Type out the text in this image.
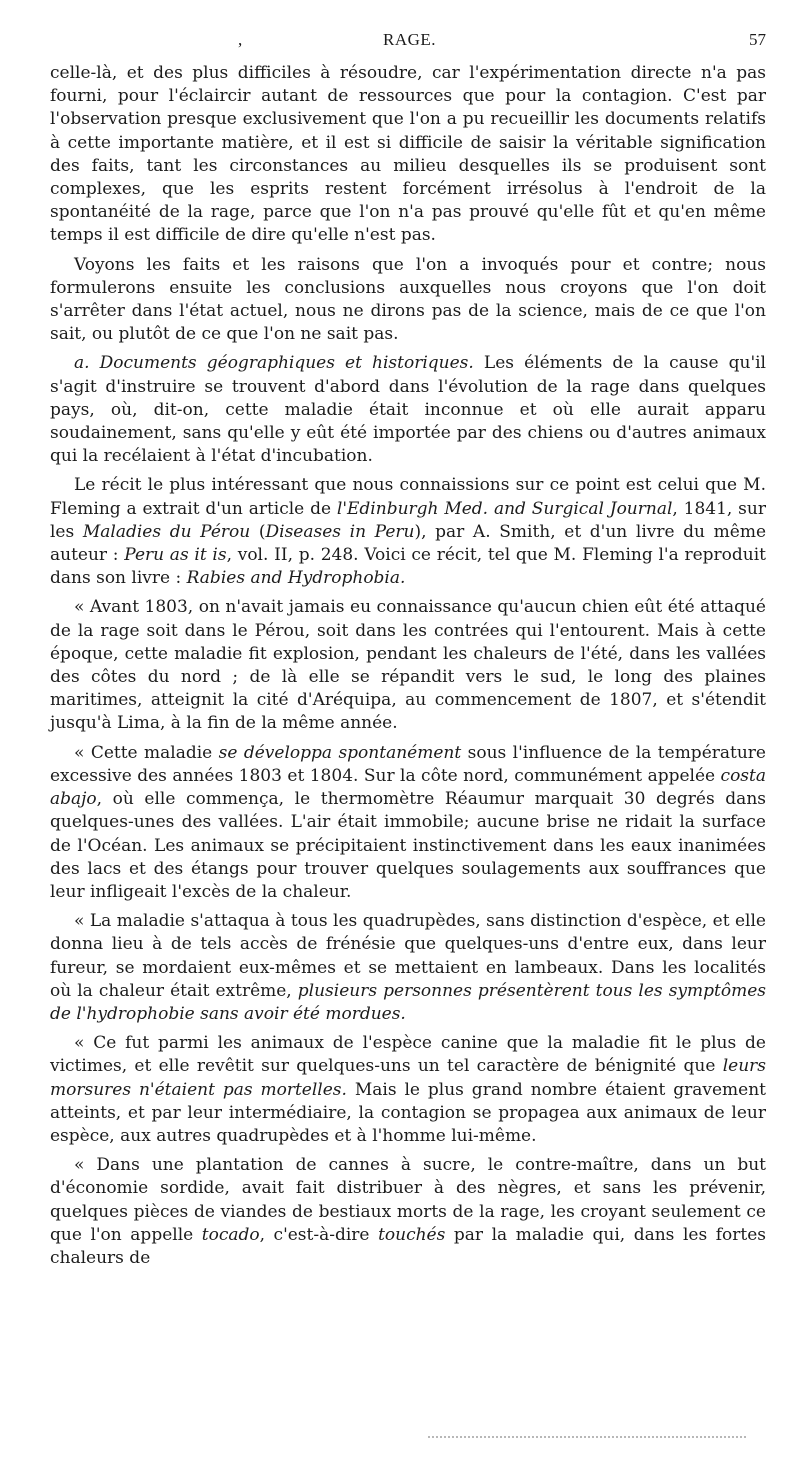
,	RAGE.	57

celle-là, et des plus difficiles à résoudre, car l'expérimentation directe n'a pas fourni, pour l'éclaircir autant de ressources que pour la contagion. C'est par l'observation presque exclusivement que l'on a pu recueillir les documents relatifs à cette importante matière, et il est si difficile de saisir la véritable signification des faits, tant les circonstances au milieu desquelles ils se produisent sont complexes, que les esprits restent forcément irrésolus à l'endroit de la spontanéité de la rage, parce que l'on n'a pas prouvé qu'elle fût et qu'en même temps il est difficile de dire qu'elle n'est pas.

Voyons les faits et les raisons que l'on a invoqués pour et contre; nous formulerons ensuite les conclusions auxquelles nous croyons que l'on doit s'arrêter dans l'état actuel, nous ne dirons pas de la science, mais de ce que l'on sait, ou plutôt de ce que l'on ne sait pas.

a. Documents géographiques et historiques. Les éléments de la cause qu'il s'agit d'instruire se trouvent d'abord dans l'évolution de la rage dans quelques pays, où, dit-on, cette maladie était inconnue et où elle aurait apparu soudainement, sans qu'elle y eût été importée par des chiens ou d'autres animaux qui la recélaient à l'état d'incubation.

Le récit le plus intéressant que nous connaissions sur ce point est celui que M. Fleming a extrait d'un article de l'Edinburgh Med. and Surgical Journal, 1841, sur les Maladies du Pérou (Diseases in Peru), par A. Smith, et d'un livre du même auteur : Peru as it is, vol. II, p. 248. Voici ce récit, tel que M. Fleming l'a reproduit dans son livre : Rabies and Hydrophobia.

« Avant 1803, on n'avait jamais eu connaissance qu'aucun chien eût été attaqué de la rage soit dans le Pérou, soit dans les contrées qui l'entourent. Mais à cette époque, cette maladie fit explosion, pendant les chaleurs de l'été, dans les vallées des côtes du nord ; de là elle se répandit vers le sud, le long des plaines maritimes, atteignit la cité d'Aréquipa, au commencement de 1807, et s'étendit jusqu'à Lima, à la fin de la même année.

« Cette maladie se développa spontanément sous l'influence de la température excessive des années 1803 et 1804. Sur la côte nord, communément appelée costa abajo, où elle commença, le thermomètre Réaumur marquait 30 degrés dans quelques-unes des vallées. L'air était immobile; aucune brise ne ridait la surface de l'Océan. Les animaux se précipitaient instinctivement dans les eaux inanimées des lacs et des étangs pour trouver quelques soulagements aux souffrances que leur infligeait l'excès de la chaleur.

« La maladie s'attaqua à tous les quadrupèdes, sans distinction d'espèce, et elle donna lieu à de tels accès de frénésie que quelques-uns d'entre eux, dans leur fureur, se mordaient eux-mêmes et se mettaient en lambeaux. Dans les localités où la chaleur était extrême, plusieurs personnes présentèrent tous les symptômes de l'hydrophobie sans avoir été mordues.

« Ce fut parmi les animaux de l'espèce canine que la maladie fit le plus de victimes, et elle revêtit sur quelques-uns un tel caractère de bénignité que leurs morsures n'étaient pas mortelles. Mais le plus grand nombre étaient gravement atteints, et par leur intermédiaire, la contagion se propagea aux animaux de leur espèce, aux autres quadrupèdes et à l'homme lui-même.

« Dans une plantation de cannes à sucre, le contre-maître, dans un but d'économie sordide, avait fait distribuer à des nègres, et sans les prévenir, quelques pièces de viandes de bestiaux morts de la rage, les croyant seulement ce que l'on appelle tocado, c'est-à-dire touchés par la maladie qui, dans les fortes chaleurs de
